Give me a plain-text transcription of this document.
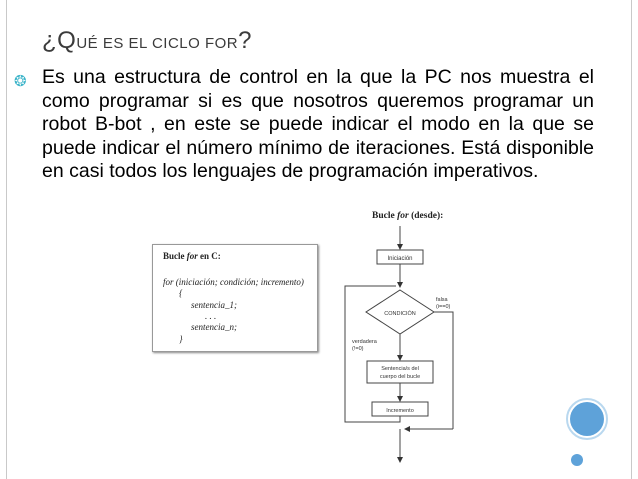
¿QUÉ ES EL CICLO FOR?
❂ Es una estructura de control en la que la PC nos muestra el como programar si es que nosotros queremos programar un robot B-bot , en este se puede indicar el modo en la que se puede indicar el número mínimo de iteraciones. Está disponible en casi todos los lenguajes de programación imperativos.
Bucle for en C:
for (iniciación; condición; incremento)
{
sentencia_1;
. . .
sentencia_n;
}
Bucle for (desde):
Iniciación
CONDICIÓN
falsa
(i==0)
verdadera
(!=0)
Sentencia/s del
cuerpo del bucle
Incremento
